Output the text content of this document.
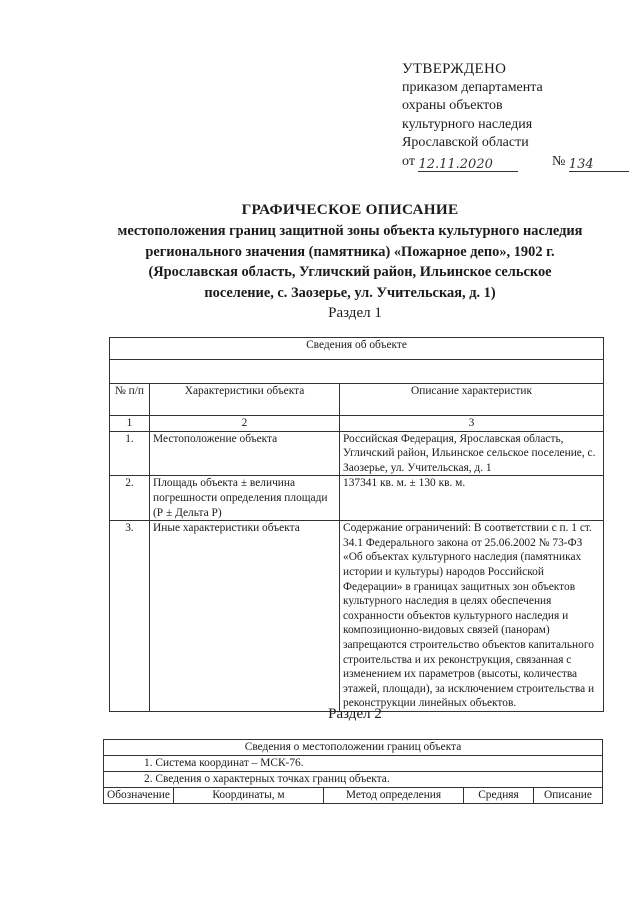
УТВЕРЖДЕНО
приказом департамента
охраны объектов
культурного наследия
Ярославской области
от 12.11.2020	№ 134
ГРАФИЧЕСКОЕ ОПИСАНИЕ
местоположения границ защитной зоны объекта культурного наследия
регионального значения (памятника) «Пожарное депо», 1902 г.
(Ярославская область, Угличский район, Ильинское сельское
поселение, с. Заозерье, ул. Учительская, д. 1)
Раздел 1
Сведения об объекте		

№ п/п	Характеристики объекта	Описание характеристик
1	2	3
1.	Местоположение объекта	Российская Федерация, Ярославская область, Угличский район, Ильинское сельское поселение, с. Заозерье, ул. Учительская, д. 1
2.	Площадь объекта ± величина погрешности определения площади (Р ± Дельта Р)	137341 кв. м. ± 130 кв. м.
3.	Иные характеристики объекта	Содержание ограничений: В соответствии с п. 1 ст. 34.1 Федерального закона от 25.06.2002 № 73-ФЗ «Об объектах культурного наследия (памятниках истории и культуры) народов Российской Федерации» в границах защитных зон объектов культурного наследия в целях обеспечения сохранности объектов культурного наследия и композиционно-видовых связей (панорам) запрещаются строительство объектов капитального строительства и их реконструкция, связанная с изменением их параметров (высоты, количества этажей, площади), за исключением строительства и реконструкции линейных объектов.
Раздел 2
Сведения о местоположении границ объекта
1. Система координат – МСК-76.
2. Сведения о характерных точках границ объекта.
Обозначение	Координаты, м	Метод определения	Средняя	Описание
